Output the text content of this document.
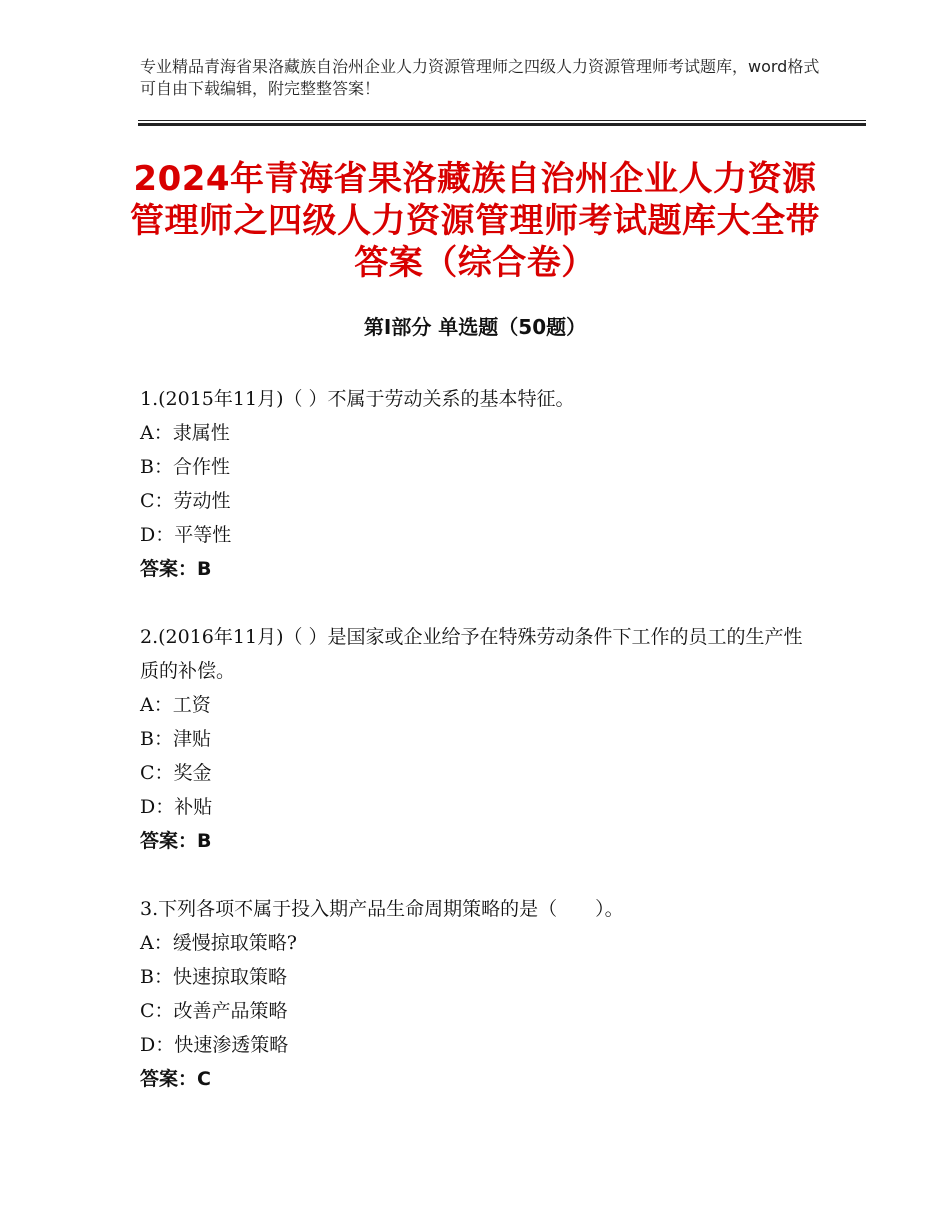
专业精品青海省果洛藏族自治州企业人力资源管理师之四级人力资源管理师考试题库，word格式可自由下载编辑，附完整整答案！
2024年青海省果洛藏族自治州企业人力资源管理师之四级人力资源管理师考试题库大全带答案（综合卷）
第Ⅰ部分 单选题（50题）

1.(2015年11月)（ ）不属于劳动关系的基本特征。

A：隶属性

B：合作性

C：劳动性

D：平等性

答案：B

2.(2016年11月)（ ）是国家或企业给予在特殊劳动条件下工作的员工的生产性质的补偿。

A：工资

B：津贴

C：奖金

D：补贴

答案：B

3.下列各项不属于投入期产品生命周期策略的是（　　）。

A：缓慢掠取策略?

B：快速掠取策略

C：改善产品策略

D：快速渗透策略

答案：C
